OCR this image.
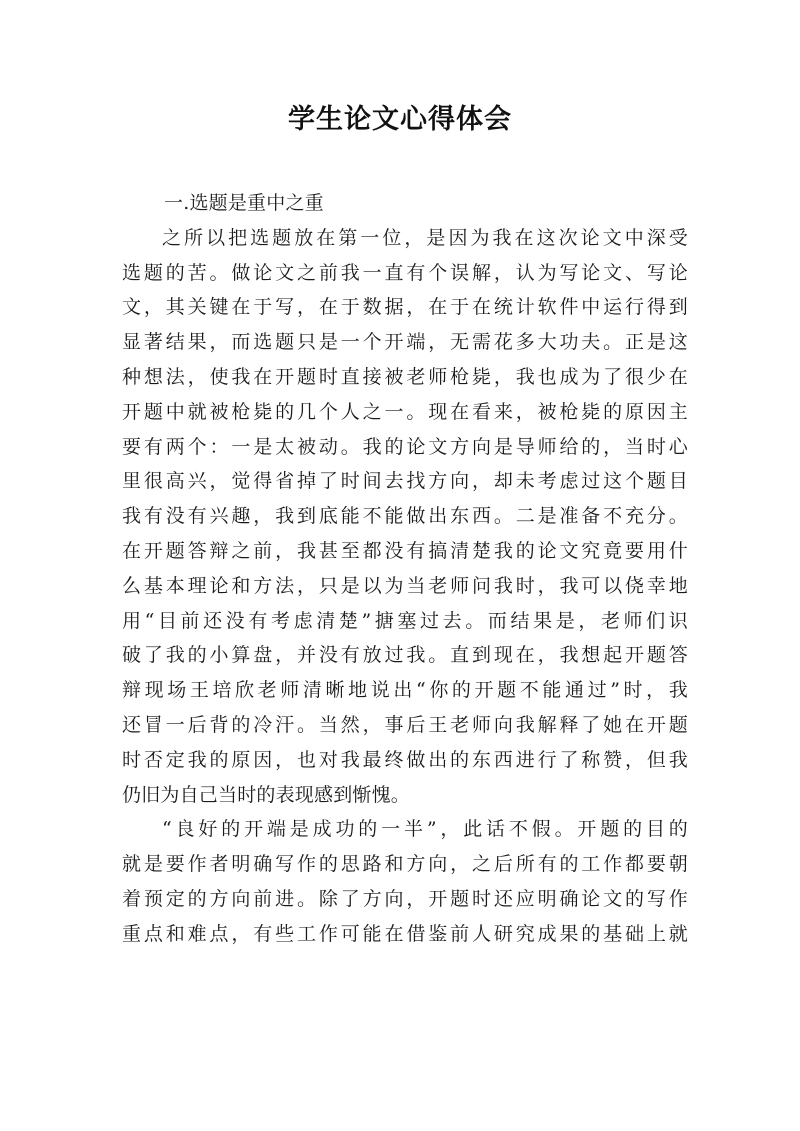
学生论文心得体会
一.选题是重中之重
之所以把选题放在第一位，是因为我在这次论文中深受
选题的苦。做论文之前我一直有个误解，认为写论文、写论
文，其关键在于写，在于数据，在于在统计软件中运行得到
显著结果，而选题只是一个开端，无需花多大功夫。正是这
种想法，使我在开题时直接被老师枪毙，我也成为了很少在
开题中就被枪毙的几个人之一。现在看来，被枪毙的原因主
要有两个：一是太被动。我的论文方向是导师给的，当时心
里很高兴，觉得省掉了时间去找方向，却未考虑过这个题目
我有没有兴趣，我到底能不能做出东西。二是准备不充分。
在开题答辩之前，我甚至都没有搞清楚我的论文究竟要用什
么基本理论和方法，只是以为当老师问我时，我可以侥幸地
用“目前还没有考虑清楚”搪塞过去。而结果是，老师们识
破了我的小算盘，并没有放过我。直到现在，我想起开题答
辩现场王培欣老师清晰地说出“你的开题不能通过”时，我
还冒一后背的冷汗。当然，事后王老师向我解释了她在开题
时否定我的原因，也对我最终做出的东西进行了称赞，但我
仍旧为自己当时的表现感到惭愧。
“良好的开端是成功的一半”，此话不假。开题的目的
就是要作者明确写作的思路和方向，之后所有的工作都要朝
着预定的方向前进。除了方向，开题时还应明确论文的写作
重点和难点，有些工作可能在借鉴前人研究成果的基础上就
